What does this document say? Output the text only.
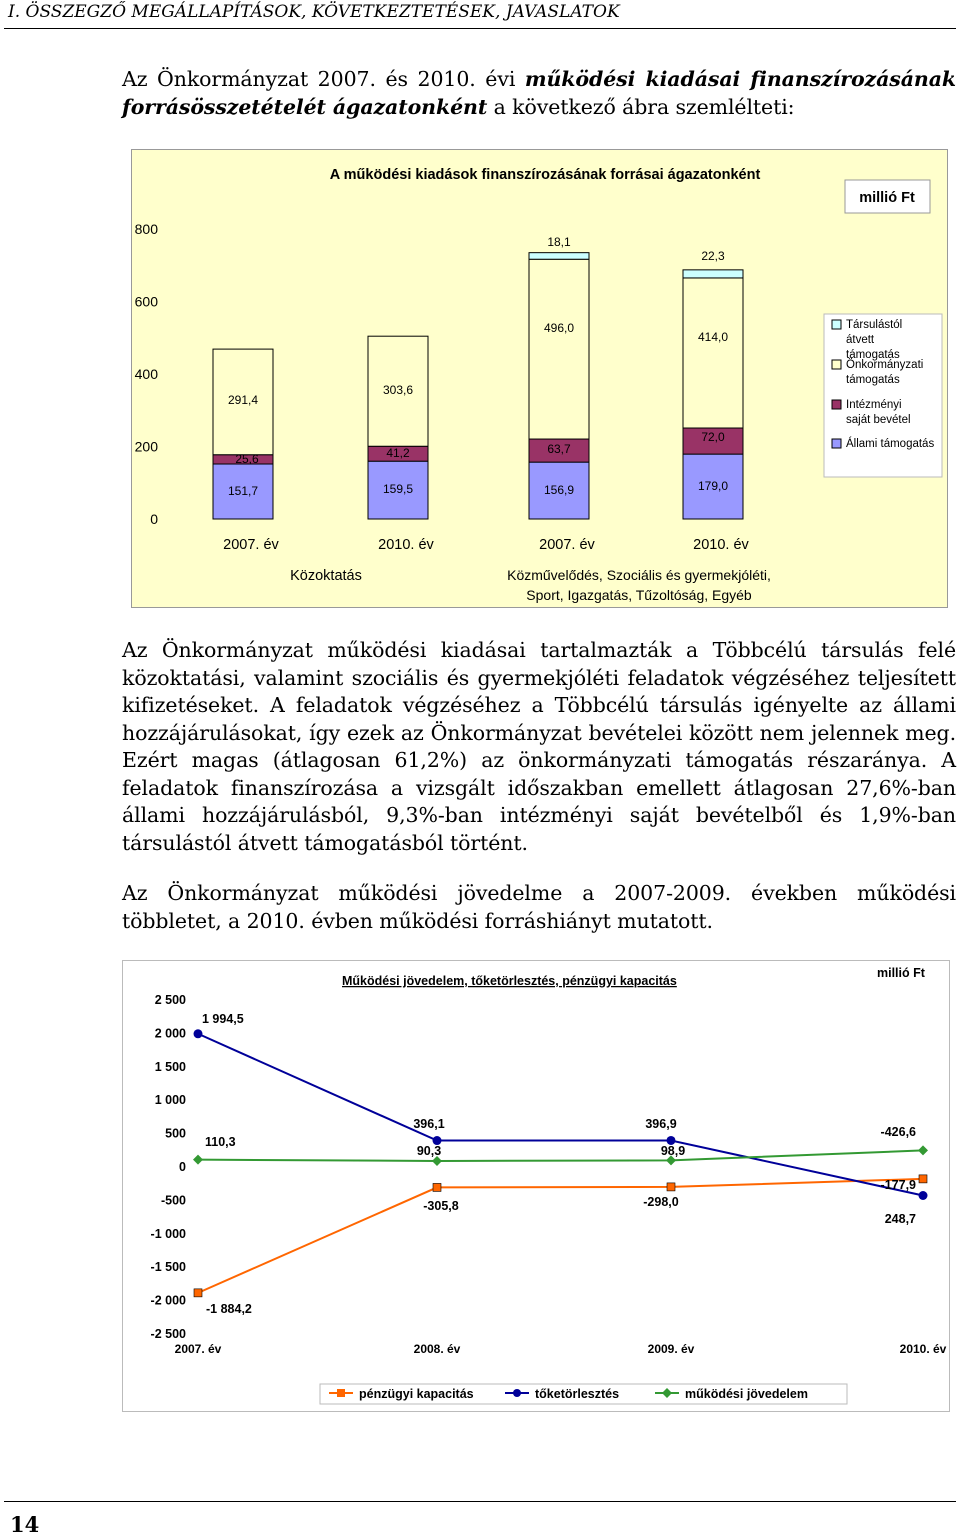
I. ÖSSZEGZŐ MEGÁLLAPÍTÁSOK, KÖVETKEZTETÉSEK, JAVASLATOK
Az Önkormányzat 2007. és 2010. évi működési kiadásai finanszírozásának forrásösszetételét ágazatonként a következő ábra szemlélteti:
A működési kiadások finanszírozásának forrásai ágazatonként
millió Ft
0
200
400
600
800
151,7	159,5	156,9	179,0
25,6	41,2	63,7
72,0
291,4
303,6
496,0
414,0
18,1
22,3
2007. év	2010. év	2007. év	2010. év
Közoktatás	Közművelődés, Szociális és gyermekjóléti,
Sport, Igazgatás, Tűzoltóság, Egyéb
Társulástól
átvett
támogatás
Önkormányzati
támogatás
Intézményi
saját bevétel
Állami támogatás
Az Önkormányzat működési kiadásai tartalmazták a Többcélú társulás felé közoktatási, valamint szociális és gyermekjóléti feladatok végzéséhez teljesített kifizetéseket. A feladatok végzéséhez a Többcélú társulás igényelte az állami hozzájárulásokat, így ezek az Önkormányzat bevételei között nem jelennek meg. Ezért magas (átlagosan 61,2%) az önkormányzati támogatás részaránya. A feladatok finanszírozása a vizsgált időszakban emellett átlagosan 27,6%-ban állami hozzájárulásból, 9,3%-ban intézményi saját bevételből és 1,9%-ban társulástól átvett támogatásból történt.
Az Önkormányzat működési jövedelme a 2007-2009. években működési többletet, a 2010. évben működési forráshiányt mutatott.
Működési jövedelem, tőketörlesztés, pénzügyi kapacitás
millió Ft
-2 500
-2 000
-1 500
-1 000
-500
0
500
1 000
1 500
2 000
2 500
2007. év	2008. év	2009. év	2010. év
-1 884,2
-305,8	-298,0
-177,9
1 994,5
396,1	396,9
-426,6
110,3
90,3	98,9
248,7
pénzügyi kapacitás	tőketörlesztés	működési jövedelem
14
